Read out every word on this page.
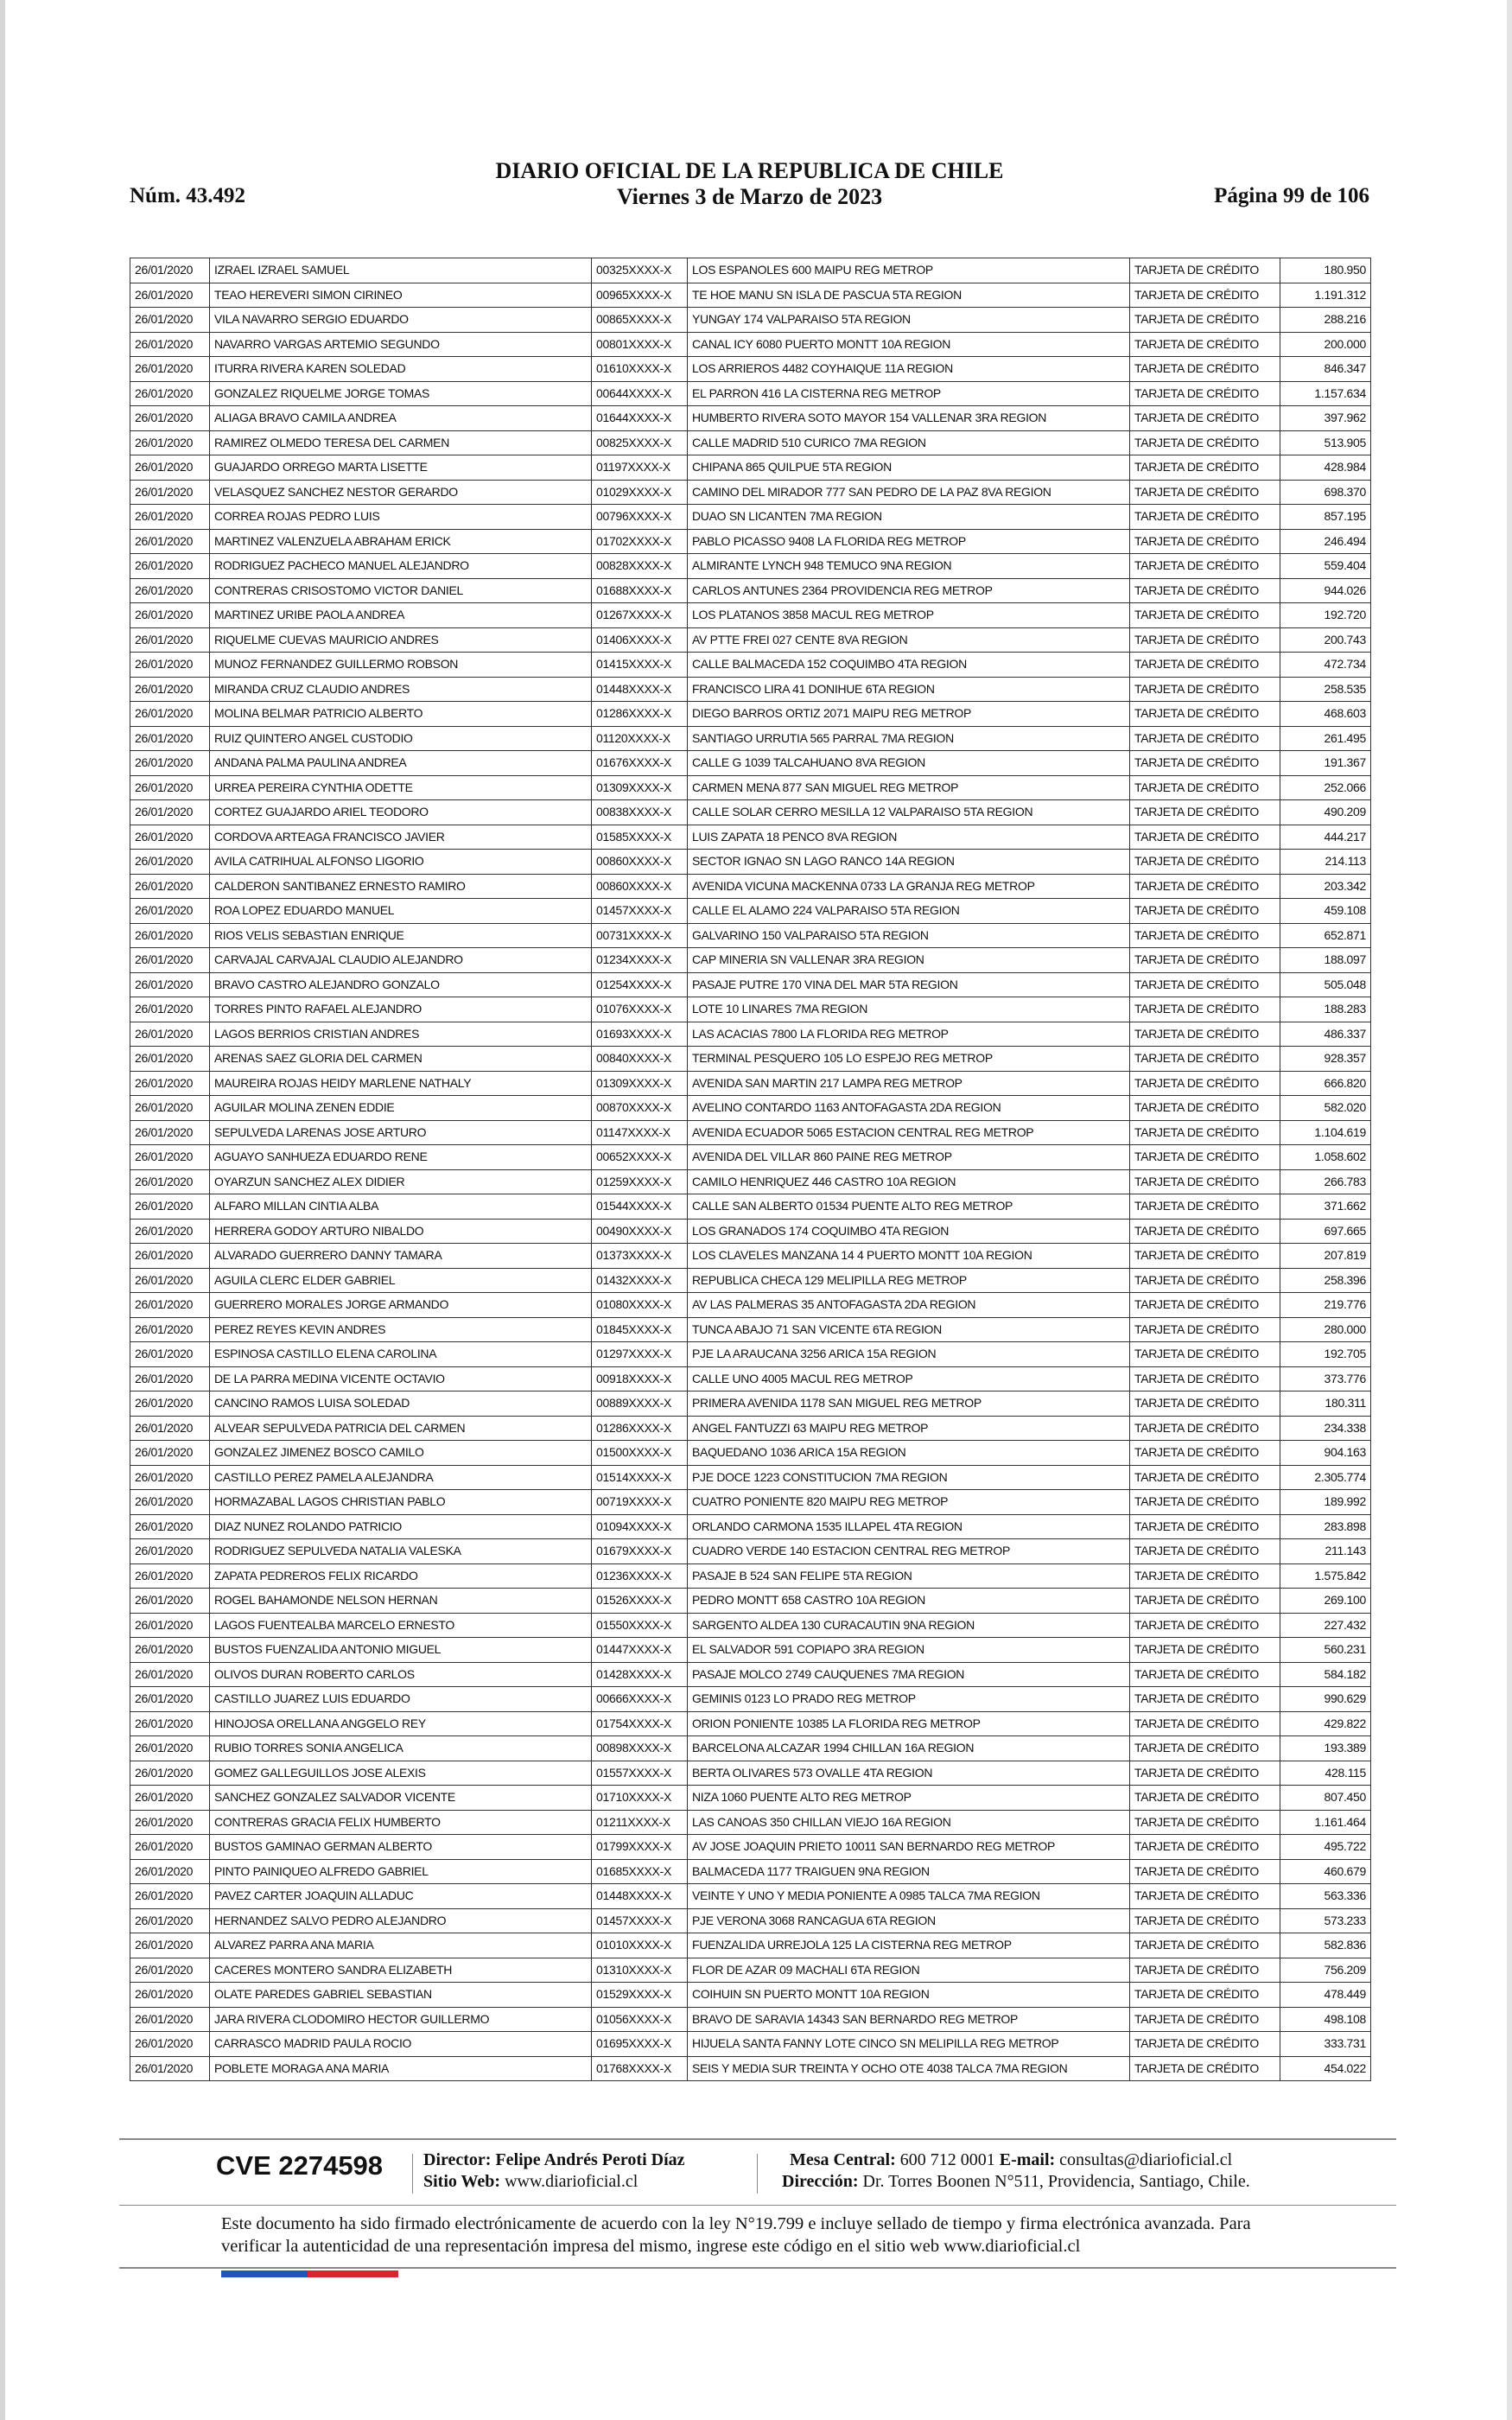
Núm. 43.492
DIARIO OFICIAL DE LA REPUBLICA DE CHILE
Viernes 3 de Marzo de 2023	Página 99 de 106
26/01/2020	IZRAEL IZRAEL SAMUEL	00325XXXX-X	LOS ESPANOLES 600 MAIPU REG METROP	TARJETA DE CRÉDITO	180.950
26/01/2020	TEAO HEREVERI SIMON CIRINEO	00965XXXX-X	TE HOE MANU SN ISLA DE PASCUA 5TA REGION	TARJETA DE CRÉDITO	1.191.312
26/01/2020	VILA NAVARRO SERGIO EDUARDO	00865XXXX-X	YUNGAY 174 VALPARAISO 5TA REGION	TARJETA DE CRÉDITO	288.216
26/01/2020	NAVARRO VARGAS ARTEMIO SEGUNDO	00801XXXX-X	CANAL ICY 6080 PUERTO MONTT 10A REGION	TARJETA DE CRÉDITO	200.000
26/01/2020	ITURRA RIVERA KAREN SOLEDAD	01610XXXX-X	LOS ARRIEROS 4482 COYHAIQUE 11A REGION	TARJETA DE CRÉDITO	846.347
26/01/2020	GONZALEZ RIQUELME JORGE TOMAS	00644XXXX-X	EL PARRON 416 LA CISTERNA REG METROP	TARJETA DE CRÉDITO	1.157.634
26/01/2020	ALIAGA BRAVO CAMILA ANDREA	01644XXXX-X	HUMBERTO RIVERA SOTO MAYOR 154 VALLENAR 3RA REGION	TARJETA DE CRÉDITO	397.962
26/01/2020	RAMIREZ OLMEDO TERESA DEL CARMEN	00825XXXX-X	CALLE MADRID 510 CURICO 7MA REGION	TARJETA DE CRÉDITO	513.905
26/01/2020	GUAJARDO ORREGO MARTA LISETTE	01197XXXX-X	CHIPANA 865 QUILPUE 5TA REGION	TARJETA DE CRÉDITO	428.984
26/01/2020	VELASQUEZ SANCHEZ NESTOR GERARDO	01029XXXX-X	CAMINO DEL MIRADOR 777 SAN PEDRO DE LA PAZ 8VA REGION	TARJETA DE CRÉDITO	698.370
26/01/2020	CORREA ROJAS PEDRO LUIS	00796XXXX-X	DUAO SN LICANTEN 7MA REGION	TARJETA DE CRÉDITO	857.195
26/01/2020	MARTINEZ VALENZUELA ABRAHAM ERICK	01702XXXX-X	PABLO PICASSO 9408 LA FLORIDA REG METROP	TARJETA DE CRÉDITO	246.494
26/01/2020	RODRIGUEZ PACHECO MANUEL ALEJANDRO	00828XXXX-X	ALMIRANTE LYNCH 948 TEMUCO 9NA REGION	TARJETA DE CRÉDITO	559.404
26/01/2020	CONTRERAS CRISOSTOMO VICTOR DANIEL	01688XXXX-X	CARLOS ANTUNES 2364 PROVIDENCIA REG METROP	TARJETA DE CRÉDITO	944.026
26/01/2020	MARTINEZ URIBE PAOLA ANDREA	01267XXXX-X	LOS PLATANOS 3858 MACUL REG METROP	TARJETA DE CRÉDITO	192.720
26/01/2020	RIQUELME CUEVAS MAURICIO ANDRES	01406XXXX-X	AV PTTE FREI 027 CENTE 8VA REGION	TARJETA DE CRÉDITO	200.743
26/01/2020	MUNOZ FERNANDEZ GUILLERMO ROBSON	01415XXXX-X	CALLE BALMACEDA 152 COQUIMBO 4TA REGION	TARJETA DE CRÉDITO	472.734
26/01/2020	MIRANDA CRUZ CLAUDIO ANDRES	01448XXXX-X	FRANCISCO LIRA 41 DONIHUE 6TA REGION	TARJETA DE CRÉDITO	258.535
26/01/2020	MOLINA BELMAR PATRICIO ALBERTO	01286XXXX-X	DIEGO BARROS ORTIZ 2071 MAIPU REG METROP	TARJETA DE CRÉDITO	468.603
26/01/2020	RUIZ QUINTERO ANGEL CUSTODIO	01120XXXX-X	SANTIAGO URRUTIA 565 PARRAL 7MA REGION	TARJETA DE CRÉDITO	261.495
26/01/2020	ANDANA PALMA PAULINA ANDREA	01676XXXX-X	CALLE G 1039 TALCAHUANO 8VA REGION	TARJETA DE CRÉDITO	191.367
26/01/2020	URREA PEREIRA CYNTHIA ODETTE	01309XXXX-X	CARMEN MENA 877 SAN MIGUEL REG METROP	TARJETA DE CRÉDITO	252.066
26/01/2020	CORTEZ GUAJARDO ARIEL TEODORO	00838XXXX-X	CALLE SOLAR CERRO MESILLA 12 VALPARAISO 5TA REGION	TARJETA DE CRÉDITO	490.209
26/01/2020	CORDOVA ARTEAGA FRANCISCO JAVIER	01585XXXX-X	LUIS ZAPATA 18 PENCO 8VA REGION	TARJETA DE CRÉDITO	444.217
26/01/2020	AVILA CATRIHUAL ALFONSO LIGORIO	00860XXXX-X	SECTOR IGNAO SN LAGO RANCO 14A REGION	TARJETA DE CRÉDITO	214.113
26/01/2020	CALDERON SANTIBANEZ ERNESTO RAMIRO	00860XXXX-X	AVENIDA VICUNA MACKENNA 0733 LA GRANJA REG METROP	TARJETA DE CRÉDITO	203.342
26/01/2020	ROA LOPEZ EDUARDO MANUEL	01457XXXX-X	CALLE EL ALAMO 224 VALPARAISO 5TA REGION	TARJETA DE CRÉDITO	459.108
26/01/2020	RIOS VELIS SEBASTIAN ENRIQUE	00731XXXX-X	GALVARINO 150 VALPARAISO 5TA REGION	TARJETA DE CRÉDITO	652.871
26/01/2020	CARVAJAL CARVAJAL CLAUDIO ALEJANDRO	01234XXXX-X	CAP MINERIA SN VALLENAR 3RA REGION	TARJETA DE CRÉDITO	188.097
26/01/2020	BRAVO CASTRO ALEJANDRO GONZALO	01254XXXX-X	PASAJE PUTRE 170 VINA DEL MAR 5TA REGION	TARJETA DE CRÉDITO	505.048
26/01/2020	TORRES PINTO RAFAEL ALEJANDRO	01076XXXX-X	LOTE 10 LINARES 7MA REGION	TARJETA DE CRÉDITO	188.283
26/01/2020	LAGOS BERRIOS CRISTIAN ANDRES	01693XXXX-X	LAS ACACIAS 7800 LA FLORIDA REG METROP	TARJETA DE CRÉDITO	486.337
26/01/2020	ARENAS SAEZ GLORIA DEL CARMEN	00840XXXX-X	TERMINAL PESQUERO 105 LO ESPEJO REG METROP	TARJETA DE CRÉDITO	928.357
26/01/2020	MAUREIRA ROJAS HEIDY MARLENE NATHALY	01309XXXX-X	AVENIDA SAN MARTIN 217 LAMPA REG METROP	TARJETA DE CRÉDITO	666.820
26/01/2020	AGUILAR MOLINA ZENEN EDDIE	00870XXXX-X	AVELINO CONTARDO 1163 ANTOFAGASTA 2DA REGION	TARJETA DE CRÉDITO	582.020
26/01/2020	SEPULVEDA LARENAS JOSE ARTURO	01147XXXX-X	AVENIDA ECUADOR 5065 ESTACION CENTRAL REG METROP	TARJETA DE CRÉDITO	1.104.619
26/01/2020	AGUAYO SANHUEZA EDUARDO RENE	00652XXXX-X	AVENIDA DEL VILLAR 860 PAINE REG METROP	TARJETA DE CRÉDITO	1.058.602
26/01/2020	OYARZUN SANCHEZ ALEX DIDIER	01259XXXX-X	CAMILO HENRIQUEZ 446 CASTRO 10A REGION	TARJETA DE CRÉDITO	266.783
26/01/2020	ALFARO MILLAN CINTIA ALBA	01544XXXX-X	CALLE SAN ALBERTO 01534 PUENTE ALTO REG METROP	TARJETA DE CRÉDITO	371.662
26/01/2020	HERRERA GODOY ARTURO NIBALDO	00490XXXX-X	LOS GRANADOS 174 COQUIMBO 4TA REGION	TARJETA DE CRÉDITO	697.665
26/01/2020	ALVARADO GUERRERO DANNY TAMARA	01373XXXX-X	LOS CLAVELES MANZANA 14 4 PUERTO MONTT 10A REGION	TARJETA DE CRÉDITO	207.819
26/01/2020	AGUILA CLERC ELDER GABRIEL	01432XXXX-X	REPUBLICA CHECA 129 MELIPILLA REG METROP	TARJETA DE CRÉDITO	258.396
26/01/2020	GUERRERO MORALES JORGE ARMANDO	01080XXXX-X	AV LAS PALMERAS 35 ANTOFAGASTA 2DA REGION	TARJETA DE CRÉDITO	219.776
26/01/2020	PEREZ REYES KEVIN ANDRES	01845XXXX-X	TUNCA ABAJO 71 SAN VICENTE 6TA REGION	TARJETA DE CRÉDITO	280.000
26/01/2020	ESPINOSA CASTILLO ELENA CAROLINA	01297XXXX-X	PJE LA ARAUCANA 3256 ARICA 15A REGION	TARJETA DE CRÉDITO	192.705
26/01/2020	DE LA PARRA MEDINA VICENTE OCTAVIO	00918XXXX-X	CALLE UNO 4005 MACUL REG METROP	TARJETA DE CRÉDITO	373.776
26/01/2020	CANCINO RAMOS LUISA SOLEDAD	00889XXXX-X	PRIMERA AVENIDA 1178 SAN MIGUEL REG METROP	TARJETA DE CRÉDITO	180.311
26/01/2020	ALVEAR SEPULVEDA PATRICIA DEL CARMEN	01286XXXX-X	ANGEL FANTUZZI 63 MAIPU REG METROP	TARJETA DE CRÉDITO	234.338
26/01/2020	GONZALEZ JIMENEZ BOSCO CAMILO	01500XXXX-X	BAQUEDANO 1036 ARICA 15A REGION	TARJETA DE CRÉDITO	904.163
26/01/2020	CASTILLO PEREZ PAMELA ALEJANDRA	01514XXXX-X	PJE DOCE 1223 CONSTITUCION 7MA REGION	TARJETA DE CRÉDITO	2.305.774
26/01/2020	HORMAZABAL LAGOS CHRISTIAN PABLO	00719XXXX-X	CUATRO PONIENTE 820 MAIPU REG METROP	TARJETA DE CRÉDITO	189.992
26/01/2020	DIAZ NUNEZ ROLANDO PATRICIO	01094XXXX-X	ORLANDO CARMONA 1535 ILLAPEL 4TA REGION	TARJETA DE CRÉDITO	283.898
26/01/2020	RODRIGUEZ SEPULVEDA NATALIA VALESKA	01679XXXX-X	CUADRO VERDE 140 ESTACION CENTRAL REG METROP	TARJETA DE CRÉDITO	211.143
26/01/2020	ZAPATA PEDREROS FELIX RICARDO	01236XXXX-X	PASAJE B 524 SAN FELIPE 5TA REGION	TARJETA DE CRÉDITO	1.575.842
26/01/2020	ROGEL BAHAMONDE NELSON HERNAN	01526XXXX-X	PEDRO MONTT 658 CASTRO 10A REGION	TARJETA DE CRÉDITO	269.100
26/01/2020	LAGOS FUENTEALBA MARCELO ERNESTO	01550XXXX-X	SARGENTO ALDEA 130 CURACAUTIN 9NA REGION	TARJETA DE CRÉDITO	227.432
26/01/2020	BUSTOS FUENZALIDA ANTONIO MIGUEL	01447XXXX-X	EL SALVADOR 591 COPIAPO 3RA REGION	TARJETA DE CRÉDITO	560.231
26/01/2020	OLIVOS DURAN ROBERTO CARLOS	01428XXXX-X	PASAJE MOLCO 2749 CAUQUENES 7MA REGION	TARJETA DE CRÉDITO	584.182
26/01/2020	CASTILLO JUAREZ LUIS EDUARDO	00666XXXX-X	GEMINIS 0123 LO PRADO REG METROP	TARJETA DE CRÉDITO	990.629
26/01/2020	HINOJOSA ORELLANA ANGGELO REY	01754XXXX-X	ORION PONIENTE 10385 LA FLORIDA REG METROP	TARJETA DE CRÉDITO	429.822
26/01/2020	RUBIO TORRES SONIA ANGELICA	00898XXXX-X	BARCELONA ALCAZAR 1994 CHILLAN 16A REGION	TARJETA DE CRÉDITO	193.389
26/01/2020	GOMEZ GALLEGUILLOS JOSE ALEXIS	01557XXXX-X	BERTA OLIVARES 573 OVALLE 4TA REGION	TARJETA DE CRÉDITO	428.115
26/01/2020	SANCHEZ GONZALEZ SALVADOR VICENTE	01710XXXX-X	NIZA 1060 PUENTE ALTO REG METROP	TARJETA DE CRÉDITO	807.450
26/01/2020	CONTRERAS GRACIA FELIX HUMBERTO	01211XXXX-X	LAS CANOAS 350 CHILLAN VIEJO 16A REGION	TARJETA DE CRÉDITO	1.161.464
26/01/2020	BUSTOS GAMINAO GERMAN ALBERTO	01799XXXX-X	AV JOSE JOAQUIN PRIETO 10011 SAN BERNARDO REG METROP	TARJETA DE CRÉDITO	495.722
26/01/2020	PINTO PAINIQUEO ALFREDO GABRIEL	01685XXXX-X	BALMACEDA 1177 TRAIGUEN 9NA REGION	TARJETA DE CRÉDITO	460.679
26/01/2020	PAVEZ CARTER JOAQUIN ALLADUC	01448XXXX-X	VEINTE Y UNO Y MEDIA PONIENTE A 0985 TALCA 7MA REGION	TARJETA DE CRÉDITO	563.336
26/01/2020	HERNANDEZ SALVO PEDRO ALEJANDRO	01457XXXX-X	PJE VERONA 3068 RANCAGUA 6TA REGION	TARJETA DE CRÉDITO	573.233
26/01/2020	ALVAREZ PARRA ANA MARIA	01010XXXX-X	FUENZALIDA URREJOLA 125 LA CISTERNA REG METROP	TARJETA DE CRÉDITO	582.836
26/01/2020	CACERES MONTERO SANDRA ELIZABETH	01310XXXX-X	FLOR DE AZAR 09 MACHALI 6TA REGION	TARJETA DE CRÉDITO	756.209
26/01/2020	OLATE PAREDES GABRIEL SEBASTIAN	01529XXXX-X	COIHUIN SN PUERTO MONTT 10A REGION	TARJETA DE CRÉDITO	478.449
26/01/2020	JARA RIVERA CLODOMIRO HECTOR GUILLERMO	01056XXXX-X	BRAVO DE SARAVIA 14343 SAN BERNARDO REG METROP	TARJETA DE CRÉDITO	498.108
26/01/2020	CARRASCO MADRID PAULA ROCIO	01695XXXX-X	HIJUELA SANTA FANNY LOTE CINCO SN MELIPILLA REG METROP	TARJETA DE CRÉDITO	333.731
26/01/2020	POBLETE MORAGA ANA MARIA	01768XXXX-X	SEIS Y MEDIA SUR TREINTA Y OCHO OTE 4038 TALCA 7MA REGION	TARJETA DE CRÉDITO	454.022
CVE 2274598 Director: Felipe Andrés Peroti Díaz
Sitio Web: www.diarioficial.cl
Mesa Central: 600 712 0001 E-mail: consultas@diarioficial.cl
Dirección: Dr. Torres Boonen N°511, Providencia, Santiago, Chile.
Este documento ha sido firmado electrónicamente de acuerdo con la ley N°19.799 e incluye sellado de tiempo y firma electrónica avanzada. Para verificar la autenticidad de una representación impresa del mismo, ingrese este código en el sitio web www.diarioficial.cl
